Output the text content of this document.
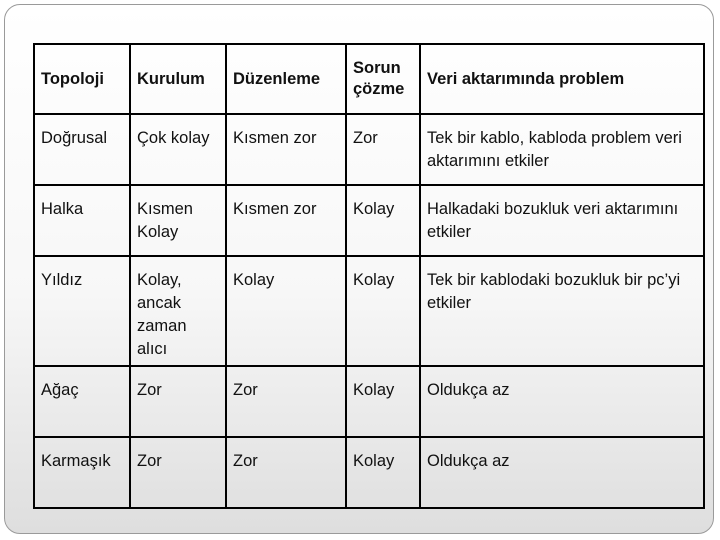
Topoloji	Kurulum	Düzenleme	Sorun çözme	Veri aktarımında problem
Doğrusal	Çok kolay	Kısmen zor	Zor	Tek bir kablo, kabloda problem veri aktarımını etkiler
Halka	Kısmen Kolay	Kısmen zor	Kolay	Halkadaki bozukluk veri aktarımını etkiler
Yıldız	Kolay, ancak zaman alıcı	Kolay	Kolay	Tek bir kablodaki bozukluk bir pc’yi etkiler
Ağaç	Zor	Zor	Kolay	Oldukça az
Karmaşık	Zor	Zor	Kolay	Oldukça az
